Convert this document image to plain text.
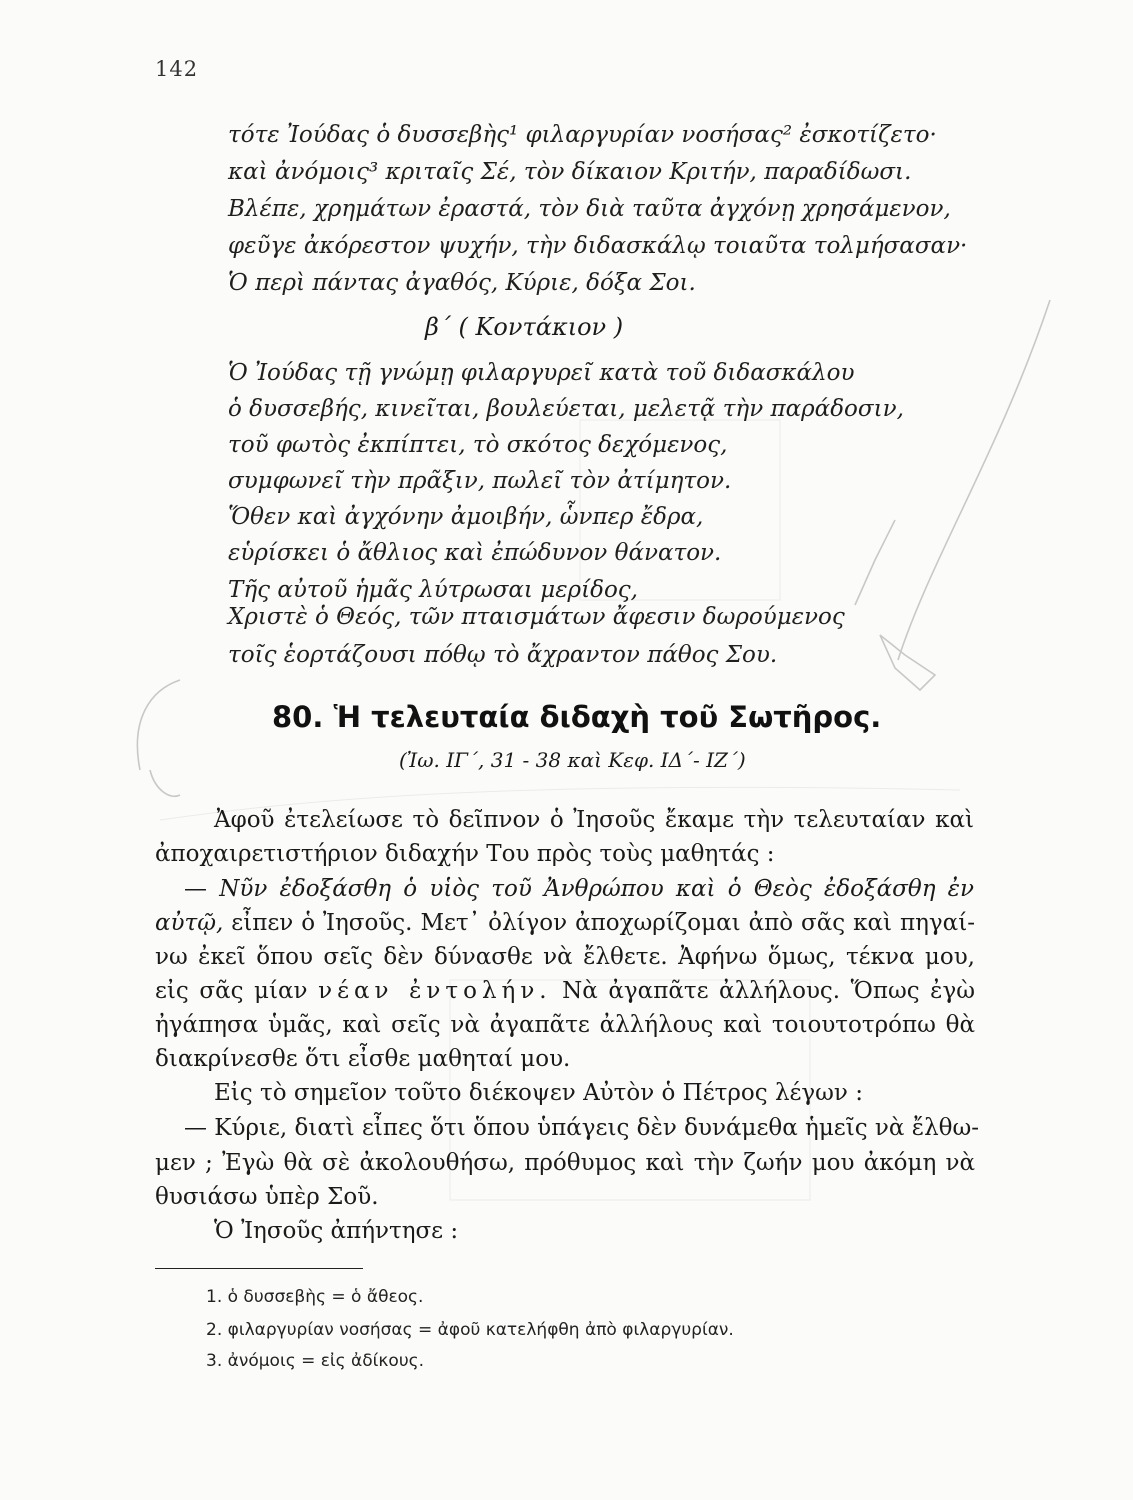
142
τότε Ἰούδας ὁ δυσσεβὴς¹ φιλαργυρίαν νοσήσας² ἐσκοτίζετο·
καὶ ἀνόμοις³ κριταῖς Σέ, τὸν δίκαιον Κριτήν, παραδίδωσι.
Βλέπε, χρημάτων ἐραστά, τὸν διὰ ταῦτα ἀγχόνῃ χρησάμενον,
φεῦγε ἀκόρεστον ψυχήν, τὴν διδασκάλῳ τοιαῦτα τολμήσασαν·
Ὁ περὶ πάντας ἀγαθός, Κύριε, δόξα Σοι.
β΄ ( Κοντάκιον )
Ὁ Ἰούδας τῇ γνώμῃ φιλαργυρεῖ κατὰ τοῦ διδασκάλου
ὁ δυσσεβής, κινεῖται, βουλεύεται, μελετᾷ τὴν παράδοσιν,
τοῦ φωτὸς ἐκπίπτει, τὸ σκότος δεχόμενος,
συμφωνεῖ τὴν πρᾶξιν, πωλεῖ τὸν ἀτίμητον.
Ὅθεν καὶ ἀγχόνην ἀμοιβήν, ὧνπερ ἔδρα,
εὑρίσκει ὁ ἄθλιος καὶ ἐπώδυνον θάνατον.
Τῆς αὐτοῦ ἡμᾶς λύτρωσαι μερίδος,
Χριστὲ ὁ Θεός, τῶν πταισμάτων ἄφεσιν δωρούμενος
τοῖς ἑορτάζουσι πόθῳ τὸ ἄχραντον πάθος Σου.
80. Ἡ τελευταία διδαχὴ τοῦ Σωτῆρος.
(Ἰω. ΙΓ΄, 31 - 38 καὶ Κεφ. ΙΔ΄- ΙΖ΄)
Ἀφοῦ ἐτελείωσε τὸ δεῖπνον ὁ Ἰησοῦς ἔκαμε τὴν τελευταίαν καὶ
ἀποχαιρετιστήριον διδαχήν Του πρὸς τοὺς μαθητάς :
— Νῦν ἐδοξάσθη ὁ υἱὸς τοῦ Ἀνθρώπου καὶ ὁ Θεὸς ἐδοξάσθη ἐν
αὐτῷ, εἶπεν ὁ Ἰησοῦς. Μετ᾽ ὀλίγον ἀποχωρίζομαι ἀπὸ σᾶς καὶ πηγαί-
νω ἐκεῖ ὅπου σεῖς δὲν δύνασθε νὰ ἔλθετε. Ἀφήνω ὅμως, τέκνα μου,
εἰς σᾶς μίαν νέαν ἐντολήν. Νὰ ἀγαπᾶτε ἀλλήλους. Ὅπως ἐγὼ
ἠγάπησα ὑμᾶς, καὶ σεῖς νὰ ἀγαπᾶτε ἀλλήλους καὶ τοιουτοτρόπω θὰ
διακρίνεσθε ὅτι εἶσθε μαθηταί μου.
Εἰς τὸ σημεῖον τοῦτο διέκοψεν Αὐτὸν ὁ Πέτρος λέγων :
— Κύριε, διατὶ εἶπες ὅτι ὅπου ὑπάγεις δὲν δυνάμεθα ἡμεῖς νὰ ἔλθω-
μεν ; Ἐγὼ θὰ σὲ ἀκολουθήσω, πρόθυμος καὶ τὴν ζωήν μου ἀκόμη νὰ
θυσιάσω ὑπὲρ Σοῦ.
Ὁ Ἰησοῦς ἀπήντησε :
1. ὁ δυσσεβὴς = ὁ ἄθεος.
2. φιλαργυρίαν νοσήσας = ἀφοῦ κατελήφθη ἀπὸ φιλαργυρίαν.
3. ἀνόμοις = εἰς ἀδίκους.
